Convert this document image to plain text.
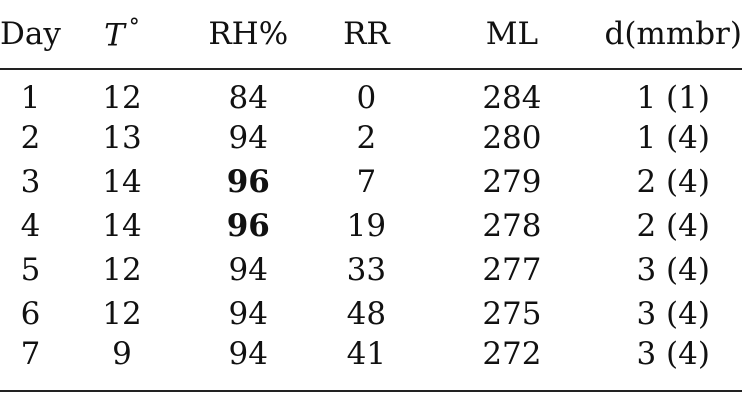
Day	T °	RH%	RR	ML	d(mmbr)
1	12	84	0	284	1 (1)
2	13	94	2	280	1 (4)
3	14	96	7	279	2 (4)
4	14	96	19	278	2 (4)
5	12	94	33	277	3 (4)
6	12	94	48	275	3 (4)
7	9	94	41	272	3 (4)
